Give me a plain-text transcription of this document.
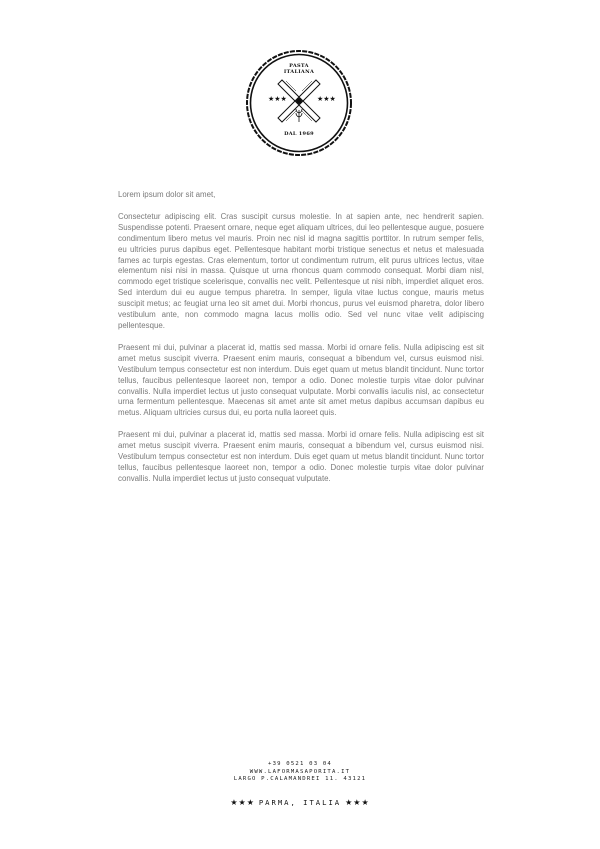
PASTA
ITALIANA
★★★	★★★
DAL 1969

Lorem ipsum dolor sit amet,

Consectetur adipiscing elit. Cras suscipit cursus molestie. In at sapien ante, nec hendrerit sapien. Suspendisse potenti. Praesent ornare, neque eget aliquam ultrices, dui leo pellentesque augue, posuere condimentum libero metus vel mauris. Proin nec nisl id magna sagittis porttitor. In rutrum semper felis, eu ultricies purus dapibus eget. Pellentesque habitant morbi tristique senectus et netus et malesuada fames ac turpis egestas. Cras elementum, tortor ut condimentum rutrum, elit purus ultrices lectus, vitae elementum nisi nisi in massa. Quisque ut urna rhoncus quam commodo consequat. Morbi diam nisl, commodo eget tristique scelerisque, convallis nec velit. Pellentesque ut nisi nibh, imperdiet aliquet eros. Sed interdum dui eu augue tempus pharetra. In semper, ligula vitae luctus congue, mauris metus suscipit metus; ac feugiat urna leo sit amet dui. Morbi rhoncus, purus vel euismod pharetra, dolor libero vestibulum ante, non commodo magna lacus mollis odio. Sed vel nunc vitae velit adipiscing pellentesque.

Praesent mi dui, pulvinar a placerat id, mattis sed massa. Morbi id ornare felis. Nulla adipiscing est sit amet metus suscipit viverra. Praesent enim mauris, consequat a bibendum vel, cursus euismod nisi. Vestibulum tempus consectetur est non interdum. Duis eget quam ut metus blandit tincidunt. Nunc tortor tellus, faucibus pellentesque laoreet non, tempor a odio. Donec molestie turpis vitae dolor pulvinar convallis. Nulla imperdiet lectus ut justo consequat vulputate. Morbi convallis iaculis nisl, ac consectetur urna fermentum pellentesque. Maecenas sit amet ante sit amet metus dapibus accumsan dapibus eu metus. Aliquam ultricies cursus dui, eu porta nulla laoreet quis.

Praesent mi dui, pulvinar a placerat id, mattis sed massa. Morbi id ornare felis. Nulla adipiscing est sit amet metus suscipit viverra. Praesent enim mauris, consequat a bibendum vel, cursus euismod nisi. Vestibulum tempus consectetur est non interdum. Duis eget quam ut metus blandit tincidunt. Nunc tortor tellus, faucibus pellentesque laoreet non, tempor a odio. Donec molestie turpis vitae dolor pulvinar convallis. Nulla imperdiet lectus ut justo consequat vulputate.

+39 0521 03 04
WWW.LAFORMASAPORITA.IT
LARGO P.CALAMANDREI 11. 43121
★★★ PARMA, ITALIA ★★★
